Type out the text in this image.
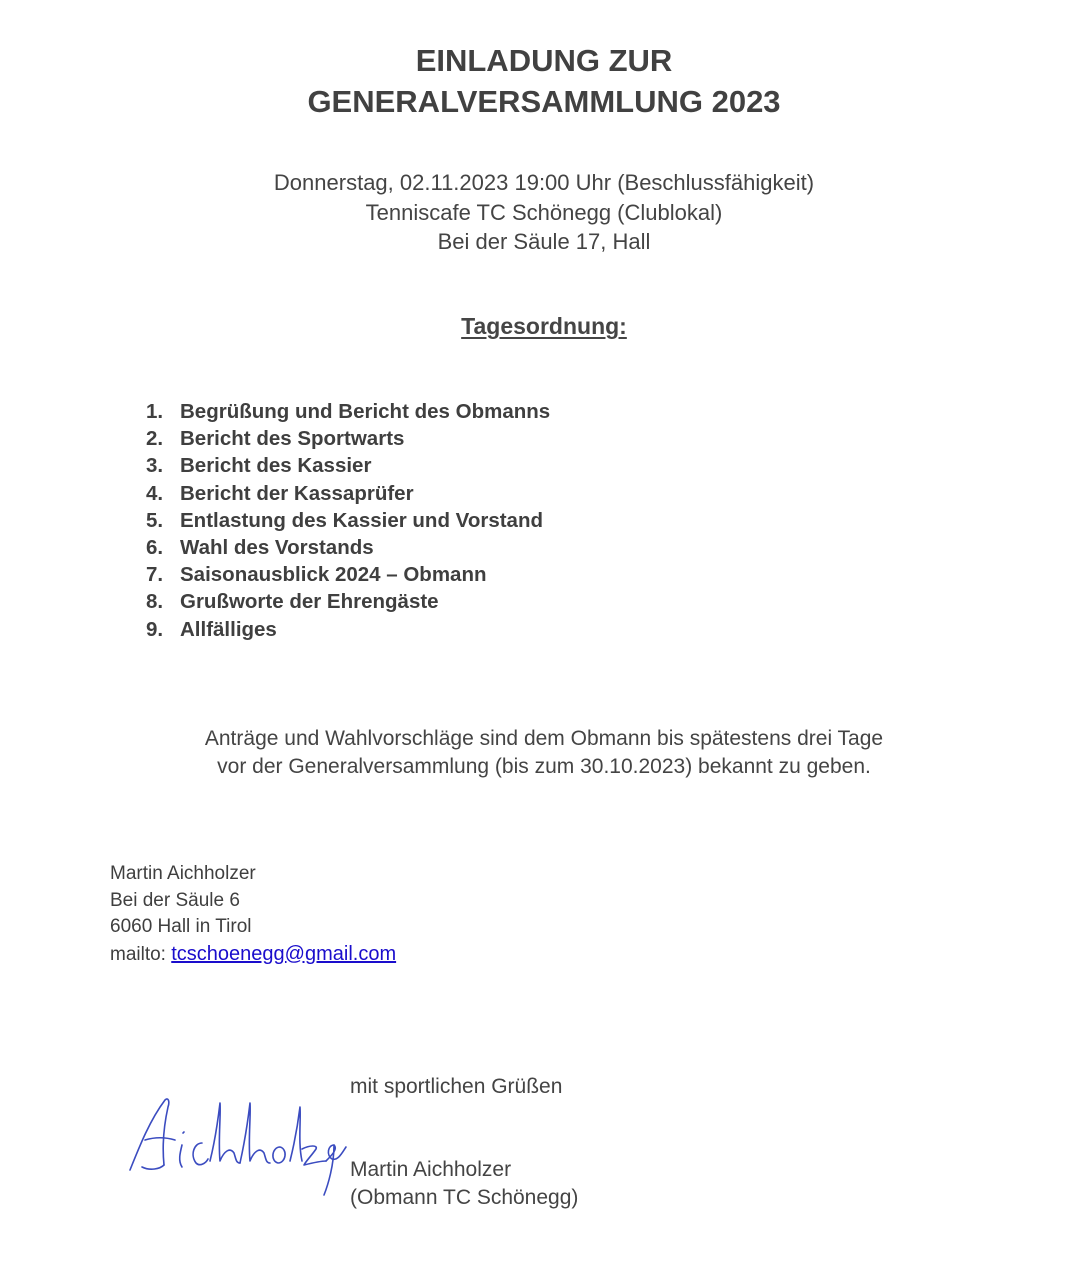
EINLADUNG ZUR
GENERALVERSAMMLUNG 2023
Donnerstag, 02.11.2023 19:00 Uhr (Beschlussfähigkeit)
Tenniscafe TC Schönegg (Clublokal)
Bei der Säule 17, Hall
Tagesordnung:
1. Begrüßung und Bericht des Obmanns
2. Bericht des Sportwarts
3. Bericht des Kassier
4. Bericht der Kassaprüfer
5. Entlastung des Kassier und Vorstand
6. Wahl des Vorstands
7. Saisonausblick 2024 – Obmann
8. Grußworte der Ehrengäste
9. Allfälliges
Anträge und Wahlvorschläge sind dem Obmann bis spätestens drei Tage
vor der Generalversammlung (bis zum 30.10.2023) bekannt zu geben.
Martin Aichholzer
Bei der Säule 6
6060 Hall in Tirol
mailto: tcschoenegg@gmail.com
mit sportlichen Grüßen
Martin Aichholzer
(Obmann TC Schönegg)
